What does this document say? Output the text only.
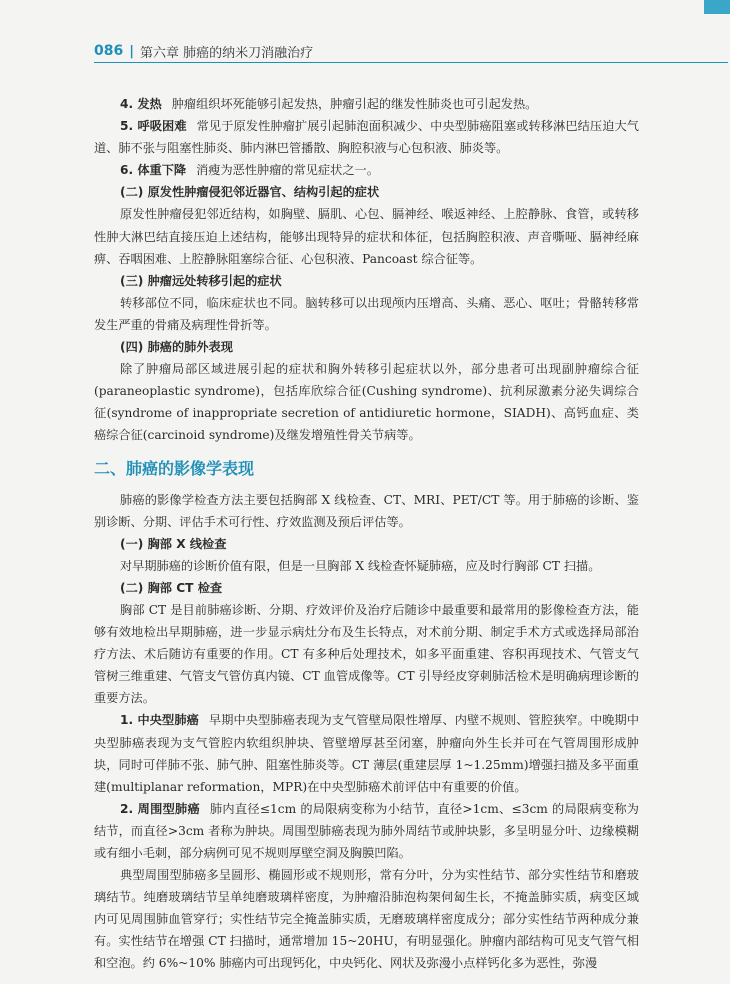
086 | 第六章 肺癌的纳米刀消融治疗

4. 发热 肿瘤组织坏死能够引起发热，肿瘤引起的继发性肺炎也可引起发热。

5. 呼吸困难 常见于原发性肿瘤扩展引起肺泡面积减少、中央型肺癌阻塞或转移淋巴结压迫大气道、肺不张与阻塞性肺炎、肺内淋巴管播散、胸腔积液与心包积液、肺炎等。

6. 体重下降 消瘦为恶性肿瘤的常见症状之一。

(二) 原发性肿瘤侵犯邻近器官、结构引起的症状

原发性肿瘤侵犯邻近结构，如胸壁、膈肌、心包、膈神经、喉返神经、上腔静脉、食管，或转移性肿大淋巴结直接压迫上述结构，能够出现特异的症状和体征，包括胸腔积液、声音嘶哑、膈神经麻痹、吞咽困难、上腔静脉阻塞综合征、心包积液、Pancoast 综合征等。

(三) 肿瘤远处转移引起的症状

转移部位不同，临床症状也不同。脑转移可以出现颅内压增高、头痛、恶心、呕吐；骨骼转移常发生严重的骨痛及病理性骨折等。

(四) 肺癌的肺外表现

除了肿瘤局部区域进展引起的症状和胸外转移引起症状以外，部分患者可出现副肿瘤综合征(paraneoplastic syndrome)，包括库欣综合征(Cushing syndrome)、抗利尿激素分泌失调综合征(syndrome of inappropriate secretion of antidiuretic hormone，SIADH)、高钙血症、类癌综合征(carcinoid syndrome)及继发增殖性骨关节病等。

二、肺癌的影像学表现

肺癌的影像学检查方法主要包括胸部 X 线检查、CT、MRI、PET/CT 等。用于肺癌的诊断、鉴别诊断、分期、评估手术可行性、疗效监测及预后评估等。

(一) 胸部 X 线检查

对早期肺癌的诊断价值有限，但是一旦胸部 X 线检查怀疑肺癌，应及时行胸部 CT 扫描。

(二) 胸部 CT 检查

胸部 CT 是目前肺癌诊断、分期、疗效评价及治疗后随诊中最重要和最常用的影像检查方法，能够有效地检出早期肺癌，进一步显示病灶分布及生长特点，对术前分期、制定手术方式或选择局部治疗方法、术后随访有重要的作用。CT 有多种后处理技术，如多平面重建、容积再现技术、气管支气管树三维重建、气管支气管仿真内镜、CT 血管成像等。CT 引导经皮穿刺肺活检术是明确病理诊断的重要方法。

1. 中央型肺癌 早期中央型肺癌表现为支气管壁局限性增厚、内壁不规则、管腔狭窄。中晚期中央型肺癌表现为支气管腔内软组织肿块、管壁增厚甚至闭塞，肿瘤向外生长并可在气管周围形成肿块，同时可伴肺不张、肺气肿、阻塞性肺炎等。CT 薄层(重建层厚 1~1.25mm)增强扫描及多平面重建(multiplanar reformation，MPR)在中央型肺癌术前评估中有重要的价值。

2. 周围型肺癌 肺内直径≤1cm 的局限病变称为小结节，直径>1cm、≤3cm 的局限病变称为结节，而直径>3cm 者称为肿块。周围型肺癌表现为肺外周结节或肿块影，多呈明显分叶、边缘模糊或有细小毛刺，部分病例可见不规则厚壁空洞及胸膜凹陷。

典型周围型肺癌多呈圆形、椭圆形或不规则形，常有分叶，分为实性结节、部分实性结节和磨玻璃结节。纯磨玻璃结节呈单纯磨玻璃样密度，为肿瘤沿肺泡构架伺匐生长，不掩盖肺实质，病变区域内可见周围肺血管穿行；实性结节完全掩盖肺实质，无磨玻璃样密度成分；部分实性结节两种成分兼有。实性结节在增强 CT 扫描时，通常增加 15~20HU，有明显强化。肿瘤内部结构可见支气管气相和空泡。约 6%~10% 肺癌内可出现钙化，中央钙化、网状及弥漫小点样钙化多为恶性，弥漫
